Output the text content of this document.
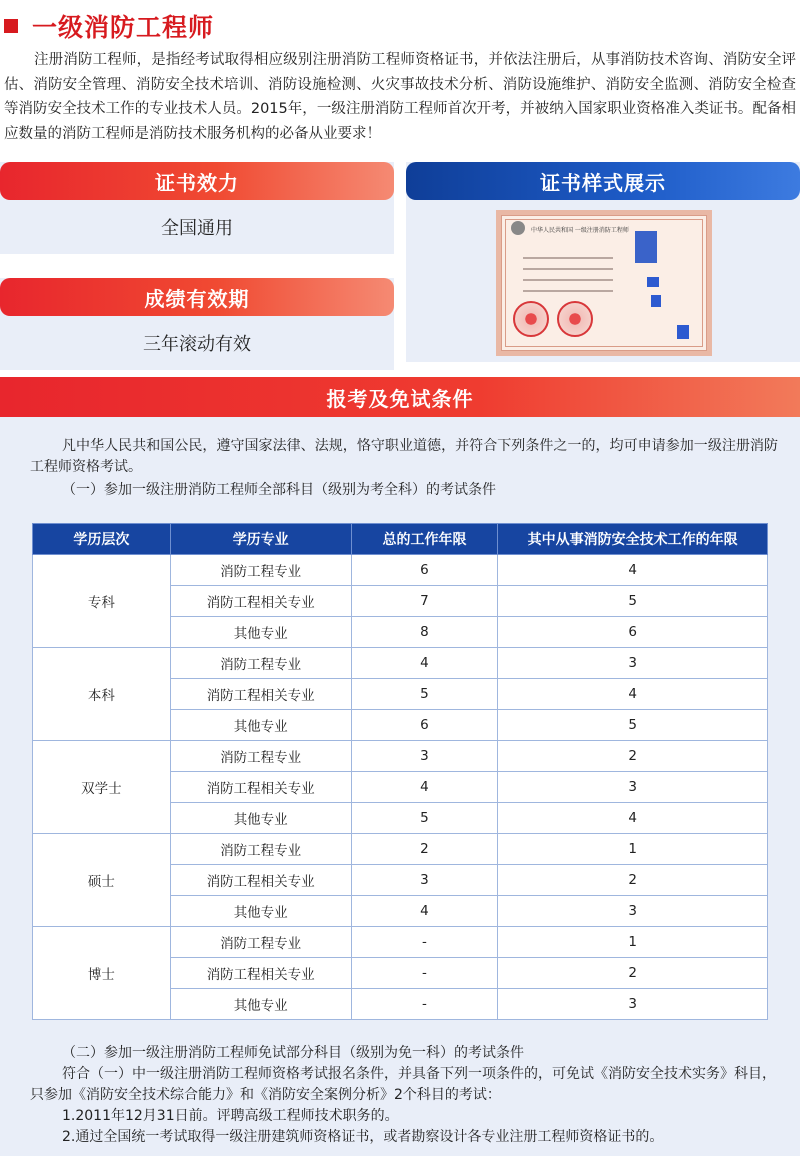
一级消防工程师

注册消防工程师，是指经考试取得相应级别注册消防工程师资格证书，并依法注册后，从事消防技术咨询、消防安全评估、消防安全管理、消防安全技术培训、消防设施检测、火灾事故技术分析、消防设施维护、消防安全监测、消防安全检查等消防安全技术工作的专业技术人员。2015年，一级注册消防工程师首次开考，并被纳入国家职业资格准入类证书。配备相应数量的消防工程师是消防技术服务机构的必备从业要求！

证书效力
全国通用
成绩有效期
三年滚动有效
证书样式展示
中华人民共和国 一级注册消防工程师
报考及免试条件

凡中华人民共和国公民，遵守国家法律、法规，恪守职业道德，并符合下列条件之一的，均可申请参加一级注册消防工程师资格考试。

（一）参加一级注册消防工程师全部科目（级别为考全科）的考试条件

学历层次	学历专业	总的工作年限	其中从事消防安全技术工作的年限
专科	消防工程专业	6	4
	消防工程相关专业	7	5
	其他专业	8	6
本科	消防工程专业	4	3
	消防工程相关专业	5	4
	其他专业	6	5
双学士	消防工程专业	3	2
	消防工程相关专业	4	3
	其他专业	5	4
硕士	消防工程专业	2	1
	消防工程相关专业	3	2
	其他专业	4	3
博士	消防工程专业	-	1
	消防工程相关专业	-	2
	其他专业	-	3

（二）参加一级注册消防工程师免试部分科目（级别为免一科）的考试条件

符合（一）中一级注册消防工程师资格考试报名条件，并具备下列一项条件的，可免试《消防安全技术实务》科目，只参加《消防安全技术综合能力》和《消防安全案例分析》2个科目的考试：

1.2011年12月31日前。评聘高级工程师技术职务的。

2.通过全国统一考试取得一级注册建筑师资格证书，或者勘察设计各专业注册工程师资格证书的。
